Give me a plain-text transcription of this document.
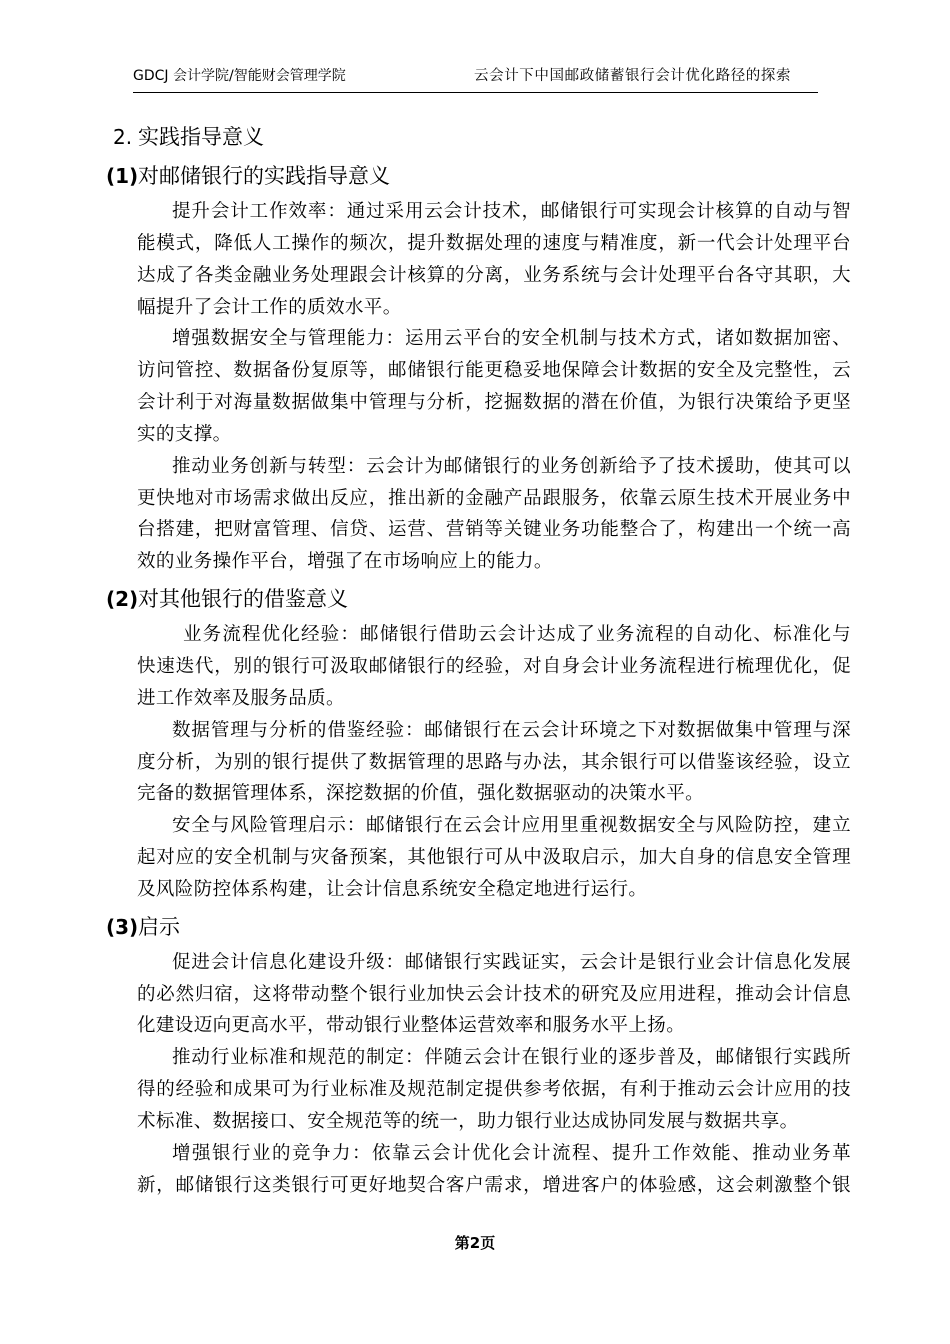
GDCJ 会计学院/智能财会管理学院	云会计下中国邮政储蓄银行会计优化路径的探索
2. 实践指导意义
(1) 对邮储银行的实践指导意义
提升会计工作效率：通过采用云会计技术，邮储银行可实现会计核算的自动与智
能模式，降低人工操作的频次，提升数据处理的速度与精准度，新一代会计处理平台
达成了各类金融业务处理跟会计核算的分离，业务系统与会计处理平台各守其职，大
幅提升了会计工作的质效水平。
增强数据安全与管理能力：运用云平台的安全机制与技术方式，诸如数据加密、
访问管控、数据备份复原等，邮储银行能更稳妥地保障会计数据的安全及完整性，云
会计利于对海量数据做集中管理与分析，挖掘数据的潜在价值，为银行决策给予更坚
实的支撑。
推动业务创新与转型：云会计为邮储银行的业务创新给予了技术援助，使其可以
更快地对市场需求做出反应，推出新的金融产品跟服务，依靠云原生技术开展业务中
台搭建，把财富管理、信贷、运营、营销等关键业务功能整合了，构建出一个统一高
效的业务操作平台，增强了在市场响应上的能力。
(2) 对其他银行的借鉴意义
业务流程优化经验：邮储银行借助云会计达成了业务流程的自动化、标准化与
快速迭代，别的银行可汲取邮储银行的经验，对自身会计业务流程进行梳理优化，促
进工作效率及服务品质。
数据管理与分析的借鉴经验：邮储银行在云会计环境之下对数据做集中管理与深
度分析，为别的银行提供了数据管理的思路与办法，其余银行可以借鉴该经验，设立
完备的数据管理体系，深挖数据的价值，强化数据驱动的决策水平。
安全与风险管理启示：邮储银行在云会计应用里重视数据安全与风险防控，建立
起对应的安全机制与灾备预案，其他银行可从中汲取启示，加大自身的信息安全管理
及风险防控体系构建，让会计信息系统安全稳定地进行运行。
(3) 启示
促进会计信息化建设升级：邮储银行实践证实，云会计是银行业会计信息化发展
的必然归宿，这将带动整个银行业加快云会计技术的研究及应用进程，推动会计信息
化建设迈向更高水平，带动银行业整体运营效率和服务水平上扬。
推动行业标准和规范的制定：伴随云会计在银行业的逐步普及，邮储银行实践所
得的经验和成果可为行业标准及规范制定提供参考依据，有利于推动云会计应用的技
术标准、数据接口、安全规范等的统一，助力银行业达成协同发展与数据共享。
增强银行业的竞争力：依靠云会计优化会计流程、提升工作效能、推动业务革
新，邮储银行这类银行可更好地契合客户需求，增进客户的体验感，这会刺激整个银
第2页
